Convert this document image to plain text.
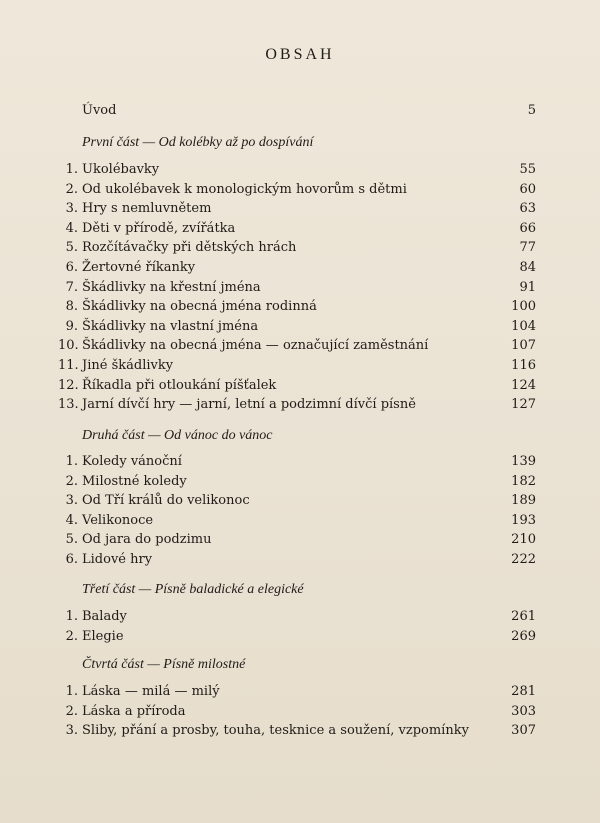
OBSAH
Úvod	5
První část — Od kolébky až po dospívání
1. Ukolébavky	55
2. Od ukolébavek k monologickým hovorům s dětmi	60
3. Hry s nemluvnětem	63
4. Děti v přírodě, zvířátka	66
5. Rozčítávačky při dětských hrách	77
6. Žertovné říkanky	84
7. Škádlivky na křestní jména	91
8. Škádlivky na obecná jména rodinná	100
9. Škádlivky na vlastní jména	104
10. Škádlivky na obecná jména — označující zaměstnání	107
11. Jiné škádlivky	116
12. Říkadla při otloukání píšťalek	124
13. Jarní dívčí hry — jarní, letní a podzimní dívčí písně	127
Druhá část — Od vánoc do vánoc
1. Koledy vánoční	139
2. Milostné koledy	182
3. Od Tří králů do velikonoc	189
4. Velikonoce	193
5. Od jara do podzimu	210
6. Lidové hry	222
Třetí část — Písně baladické a elegické
1. Balady	261
2. Elegie	269
Čtvrtá část — Písně milostné
1. Láska — milá — milý	281
2. Láska a příroda	303
3. Sliby, přání a prosby, touha, tesknice a soužení, vzpomínky	307
